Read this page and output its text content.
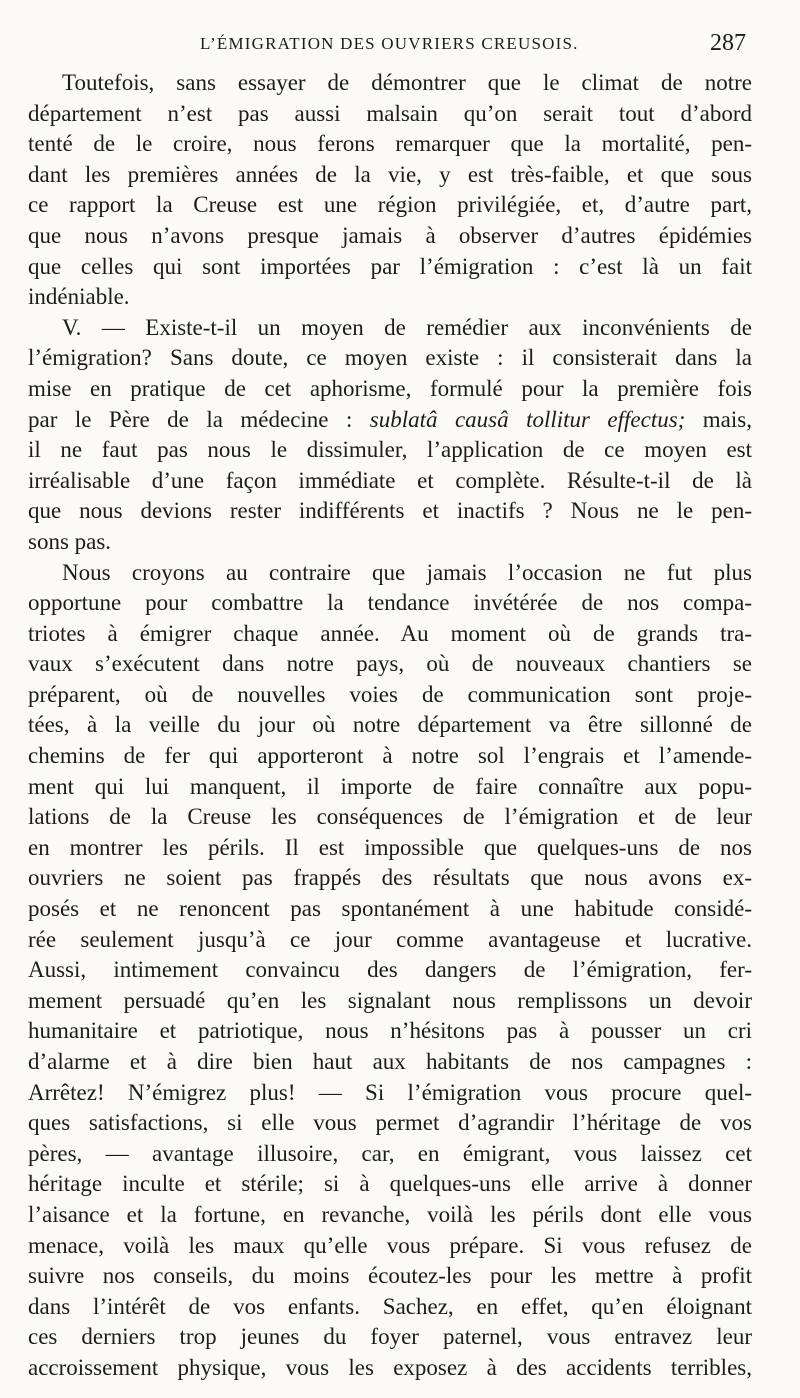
L’ÉMIGRATION DES OUVRIERS CREUSOIS.	287
Toutefois, sans essayer de démontrer que le climat de notre
département n’est pas aussi malsain qu’on serait tout d’abord
tenté de le croire, nous ferons remarquer que la mortalité, pen-
dant les premières années de la vie, y est très-faible, et que sous
ce rapport la Creuse est une région privilégiée, et, d’autre part,
que nous n’avons presque jamais à observer d’autres épidémies
que celles qui sont importées par l’émigration : c’est là un fait
indéniable.
V. — Existe-t-il un moyen de remédier aux inconvénients de
l’émigration? Sans doute, ce moyen existe : il consisterait dans la
mise en pratique de cet aphorisme, formulé pour la première fois
par le Père de la médecine : sublatâ causâ tollitur effectus; mais,
il ne faut pas nous le dissimuler, l’application de ce moyen est
irréalisable d’une façon immédiate et complète. Résulte-t-il de là
que nous devions rester indifférents et inactifs ? Nous ne le pen-
sons pas.
Nous croyons au contraire que jamais l’occasion ne fut plus
opportune pour combattre la tendance invétérée de nos compa-
triotes à émigrer chaque année. Au moment où de grands tra-
vaux s’exécutent dans notre pays, où de nouveaux chantiers se
préparent, où de nouvelles voies de communication sont proje-
tées, à la veille du jour où notre département va être sillonné de
chemins de fer qui apporteront à notre sol l’engrais et l’amende-
ment qui lui manquent, il importe de faire connaître aux popu-
lations de la Creuse les conséquences de l’émigration et de leur
en montrer les périls. Il est impossible que quelques-uns de nos
ouvriers ne soient pas frappés des résultats que nous avons ex-
posés et ne renoncent pas spontanément à une habitude considé-
rée seulement jusqu’à ce jour comme avantageuse et lucrative.
Aussi, intimement convaincu des dangers de l’émigration, fer-
mement persuadé qu’en les signalant nous remplissons un devoir
humanitaire et patriotique, nous n’hésitons pas à pousser un cri
d’alarme et à dire bien haut aux habitants de nos campagnes :
Arrêtez! N’émigrez plus! — Si l’émigration vous procure quel-
ques satisfactions, si elle vous permet d’agrandir l’héritage de vos
pères, — avantage illusoire, car, en émigrant, vous laissez cet
héritage inculte et stérile; si à quelques-uns elle arrive à donner
l’aisance et la fortune, en revanche, voilà les périls dont elle vous
menace, voilà les maux qu’elle vous prépare. Si vous refusez de
suivre nos conseils, du moins écoutez-les pour les mettre à profit
dans l’intérêt de vos enfants. Sachez, en effet, qu’en éloignant
ces derniers trop jeunes du foyer paternel, vous entravez leur
accroissement physique, vous les exposez à des accidents terribles,
